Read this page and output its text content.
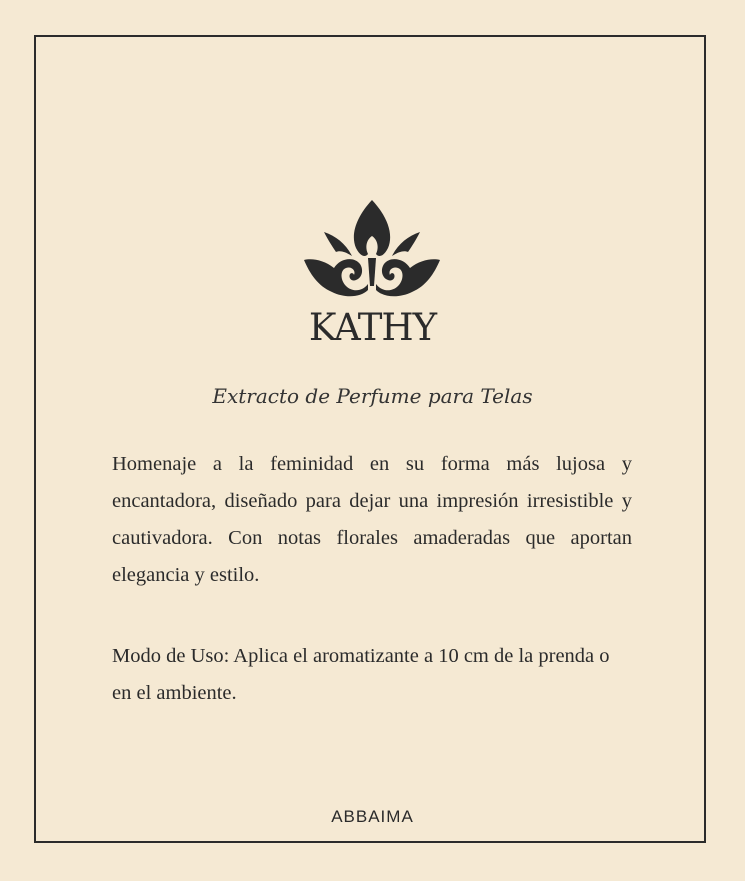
KATHY
Extracto de Perfume para Telas

Homenaje a la feminidad en su forma más lujosa y encantadora, diseñado para dejar una impresión irresistible y cautivadora. Con notas florales amaderadas que aportan elegancia y estilo.

Modo de Uso: Aplica el aromatizante a 10 cm de la prenda o en el ambiente.

ABBAIMA
